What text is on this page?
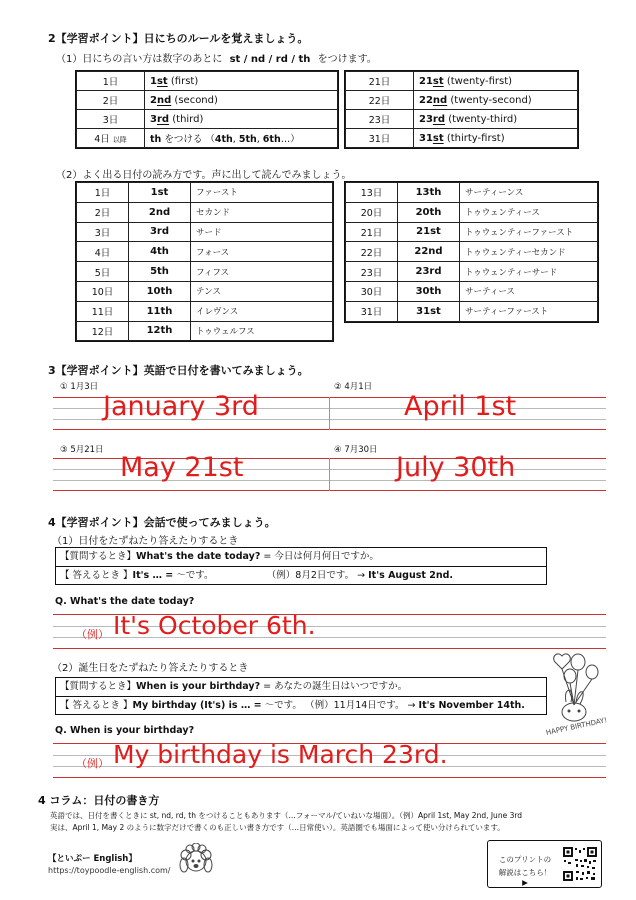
2【学習ポイント】日にちのルールを覚えましょう。
（1）日にちの言い方は数字のあとに st / nd / rd / th をつけます。
1日	1st (first)
2日	2nd (second)
3日	3rd (third)
4日 以降	th をつける （4th, 5th, 6th…）
21日	21st (twenty-first)
22日	22nd (twenty-second)
23日	23rd (twenty-third)
31日	31st (thirty-first)
（2）よく出る日付の読み方です。声に出して読んでみましょう。
1日	1st	ファースト
2日	2nd	セカンド
3日	3rd	サード
4日	4th	フォース
5日	5th	フィフス
10日	10th	テンス
11日	11th	イレヴンス
12日	12th	トゥウェルフス
13日	13th	サーティーンス
20日	20th	トゥウェンティース
21日	21st	トゥウェンティーファースト
22日	22nd	トゥウェンティーセカンド
23日	23rd	トゥウェンティーサード
30日	30th	サーティース
31日	31st	サーティーファースト
3【学習ポイント】英語で日付を書いてみましょう。
① 1月3日	② 4月1日
January 3rd	April 1st
③ 5月21日	④ 7月30日
May 21st	July 30th
4【学習ポイント】会話で使ってみましょう。
（1）日付をたずねたり答えたりするとき
【質問するとき】What's the date today? = 今日は何月何日ですか。
【 答えるとき 】It's … = ～です。	（例）8月2日です。 → It's August 2nd.
Q. What's the date today?
（例） It's October 6th.
（2）誕生日をたずねたり答えたりするとき
【質問するとき】When is your birthday? = あなたの誕生日はいつですか。
【 答えるとき 】My birthday (It's) is … = ～です。 （例）11月14日です。 → It's November 14th.
HAPPY BIRTHDAY!
Q. When is your birthday?
（例） My birthday is March 23rd.
4 コラム：日付の書き方
英語では、日付を書くときに st, nd, rd, th をつけることもあります（…フォーマル/ていねいな場面）。（例）April 1st, May 2nd, June 3rd
実は、April 1, May 2 のように数字だけで書くのも正しい書き方です（…日常使い）。英語圏でも場面によって使い分けられています。
【といぷー English】
https://toypoodle-english.com/
このプリントの
解説はこちら！▶
